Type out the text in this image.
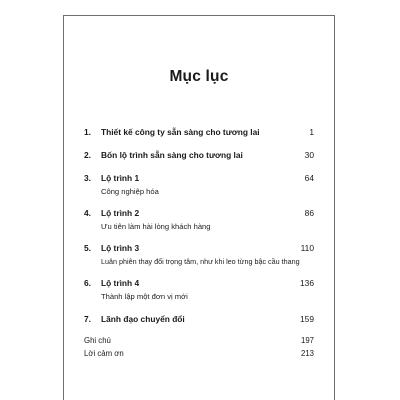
Mục lục
1. Thiết kế công ty sẵn sàng cho tương lai	1
2. Bốn lộ trình sẵn sàng cho tương lai	30
3. Lộ trình 1	64
Công nghiệp hóa
4. Lộ trình 2	86
Ưu tiên làm hài lòng khách hàng
5. Lộ trình 3	110
Luân phiên thay đổi trọng tâm, như khi leo từng bậc cầu thang
6. Lộ trình 4	136
Thành lập một đơn vị mới
7. Lãnh đạo chuyển đổi	159
Ghi chú	197
Lời cảm ơn	213
